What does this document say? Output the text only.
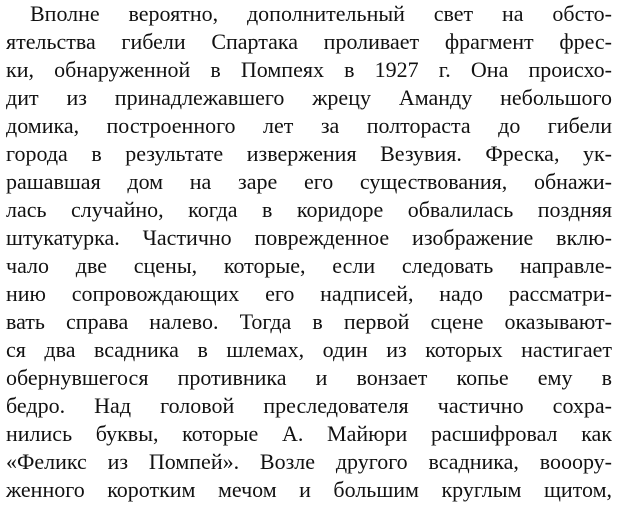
Вполне вероятно, дополнительный свет на обсто-
ятельства гибели Спартака проливает фрагмент фрес-
ки, обнаруженной в Помпеях в 1927 г. Она происхо-
дит из принадлежавшего жрецу Аманду небольшого
домика, построенного лет за полтораста до гибели
города в результате извержения Везувия. Фреска, ук-
рашавшая дом на заре его существования, обнажи-
лась случайно, когда в коридоре обвалилась поздняя
штукатурка. Частично поврежденное изображение вклю-
чало две сцены, которые, если следовать направле-
нию сопровождающих его надписей, надо рассматри-
вать справа налево. Тогда в первой сцене оказывают-
ся два всадника в шлемах, один из которых настигает
обернувшегося противника и вонзает копье ему в
бедро. Над головой преследователя частично сохра-
нились буквы, которые А. Майюри расшифровал как
«Феликс из Помпей». Возле другого всадника, вооору-
женного коротким мечом и большим круглым щитом,
